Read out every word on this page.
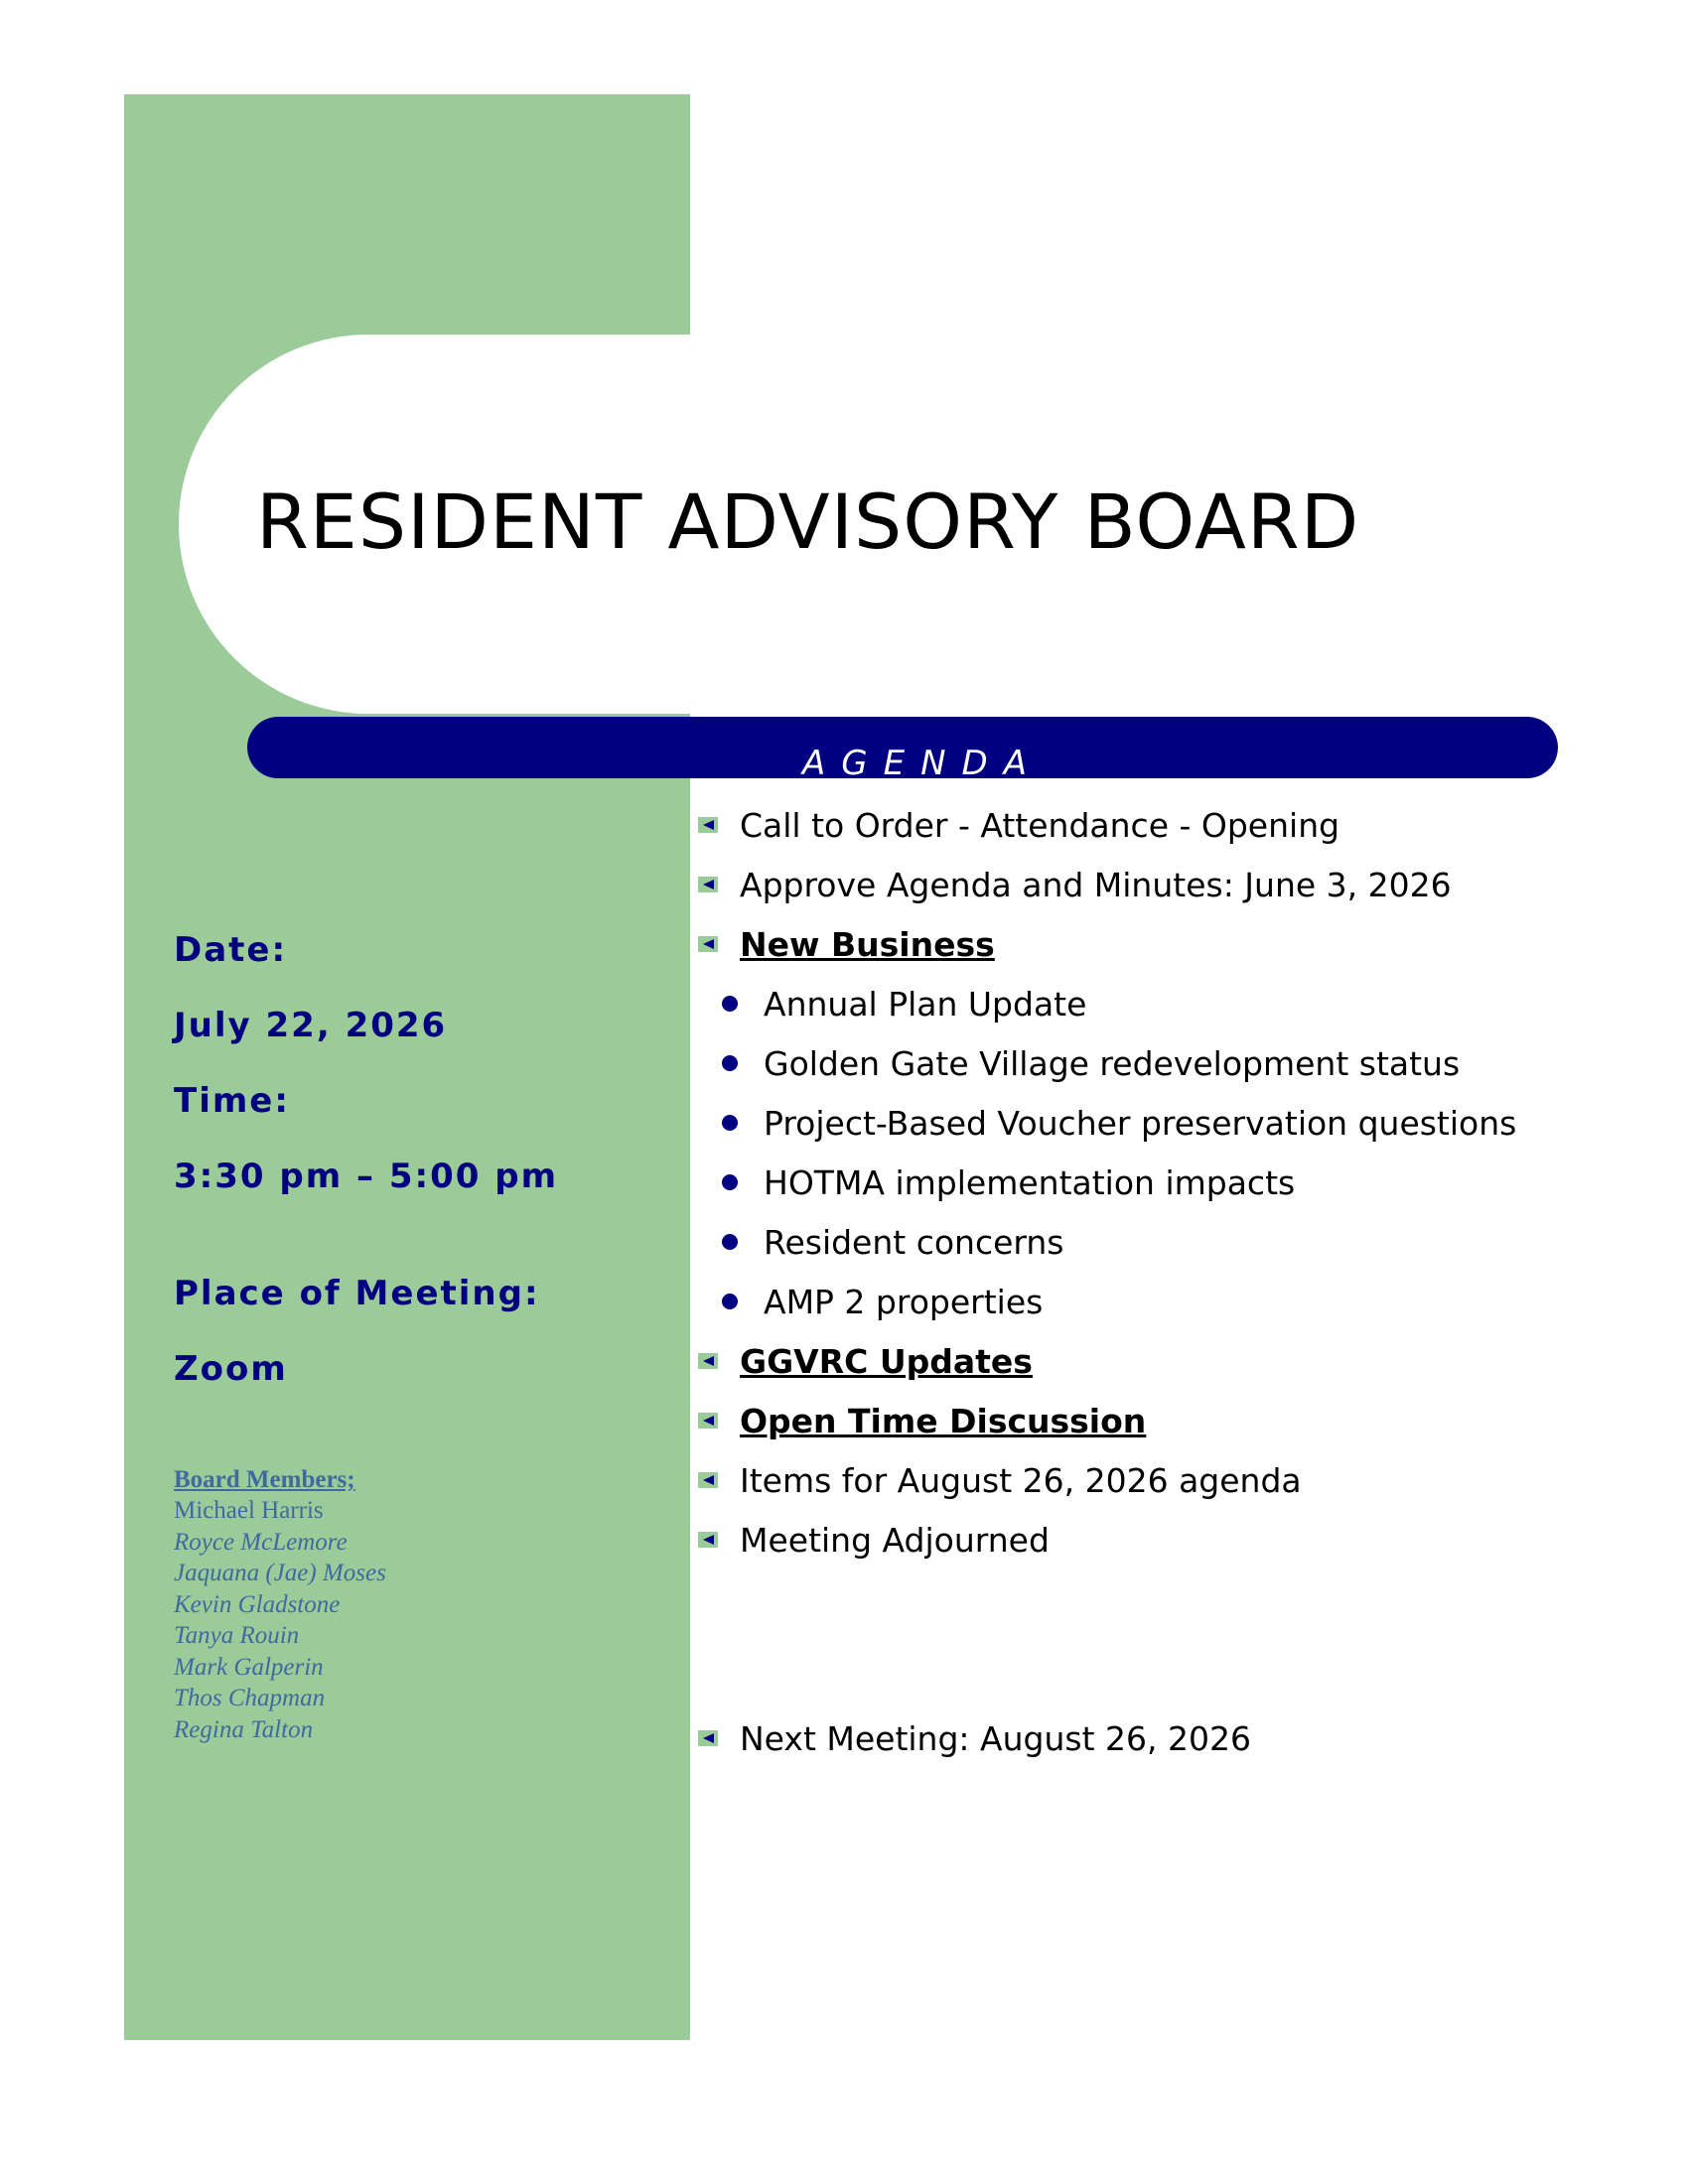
RESIDENT ADVISORY BOARD
AGENDA
Date:
July 22, 2026
Time:
3:30 pm – 5:00 pm
Place of Meeting:
Zoom
Board Members;
Michael Harris
Royce McLemore
Jaquana (Jae) Moses
Kevin Gladstone
Tanya Rouin
Mark Galperin
Thos Chapman
Regina Talton
Call to Order - Attendance - Opening
Approve Agenda and Minutes: June 3, 2026
New Business
Annual Plan Update
Golden Gate Village redevelopment status
Project-Based Voucher preservation questions
HOTMA implementation impacts
Resident concerns
AMP 2 properties
GGVRC Updates
Open Time Discussion
Items for August 26, 2026 agenda
Meeting Adjourned
Next Meeting: August 26, 2026
